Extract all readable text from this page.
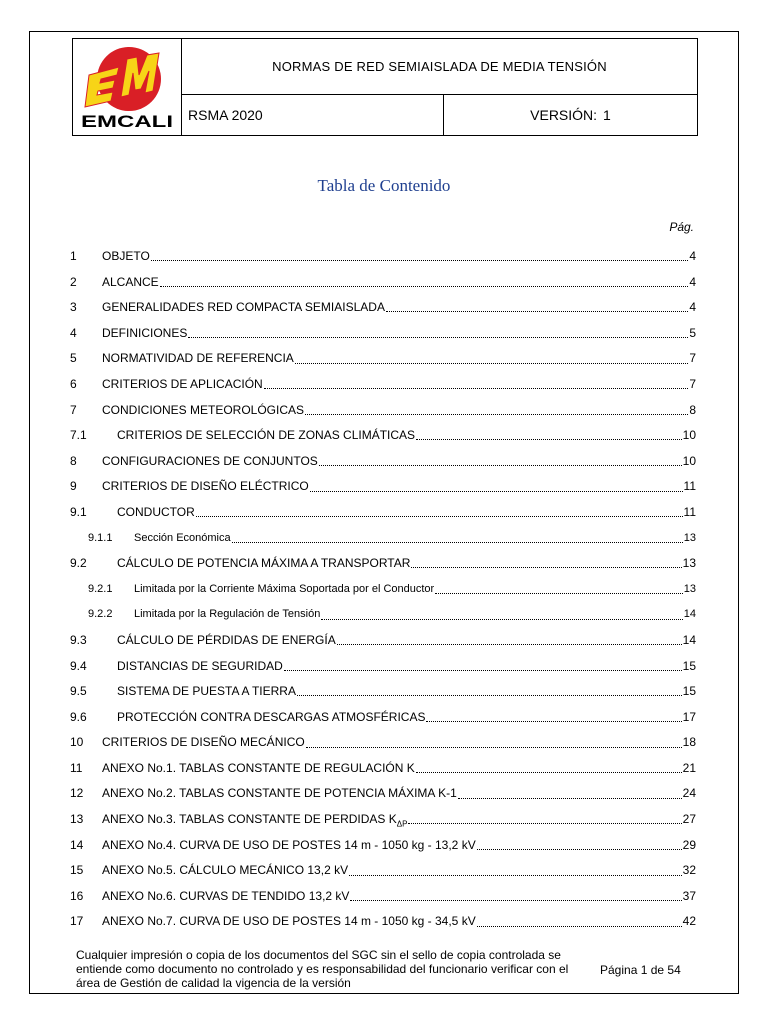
EMCALI
NORMAS DE RED SEMIAISLADA DE MEDIA TENSIÓN
RSMA 2020	VERSIÓN: 1
Tabla de Contenido
Pág.
1	OBJETO	4
2	ALCANCE	4
3	GENERALIDADES RED COMPACTA SEMIAISLADA	4
4	DEFINICIONES	5
5	NORMATIVIDAD DE REFERENCIA	7
6	CRITERIOS DE APLICACIÓN	7
7	CONDICIONES METEOROLÓGICAS	8
7.1	CRITERIOS DE SELECCIÓN DE ZONAS CLIMÁTICAS	10
8	CONFIGURACIONES DE CONJUNTOS	10
9	CRITERIOS DE DISEÑO ELÉCTRICO	11
9.1	CONDUCTOR	11
9.1.1	Sección Económica	13
9.2	CÁLCULO DE POTENCIA MÁXIMA A TRANSPORTAR	13
9.2.1	Limitada por la Corriente Máxima Soportada por el Conductor	13
9.2.2	Limitada por la Regulación de Tensión	14
9.3	CÁLCULO DE PÉRDIDAS DE ENERGÍA	14
9.4	DISTANCIAS DE SEGURIDAD	15
9.5	SISTEMA DE PUESTA A TIERRA	15
9.6	PROTECCIÓN CONTRA DESCARGAS ATMOSFÉRICAS	17
10	CRITERIOS DE DISEÑO MECÁNICO	18
11	ANEXO No.1. TABLAS CONSTANTE DE REGULACIÓN K	21
12	ANEXO No.2. TABLAS CONSTANTE DE POTENCIA MÁXIMA K-1	24
13	ANEXO No.3. TABLAS CONSTANTE DE PERDIDAS $K_{\Delta P}$	27
14	ANEXO No.4. CURVA DE USO DE POSTES 14 m - 1050 kg - 13,2 kV	29
15	ANEXO No.5. CÁLCULO MECÁNICO 13,2 kV	32
16	ANEXO No.6. CURVAS DE TENDIDO 13,2 kV	37
17	ANEXO No.7. CURVA DE USO DE POSTES 14 m - 1050 kg - 34,5 kV	42
Cualquier impresión o copia de los documentos del SGC sin el sello de copia controlada se entiende como documento no controlado y es responsabilidad del funcionario verificar con el área de Gestión de calidad la vigencia de la versión
Página 1 de 54
